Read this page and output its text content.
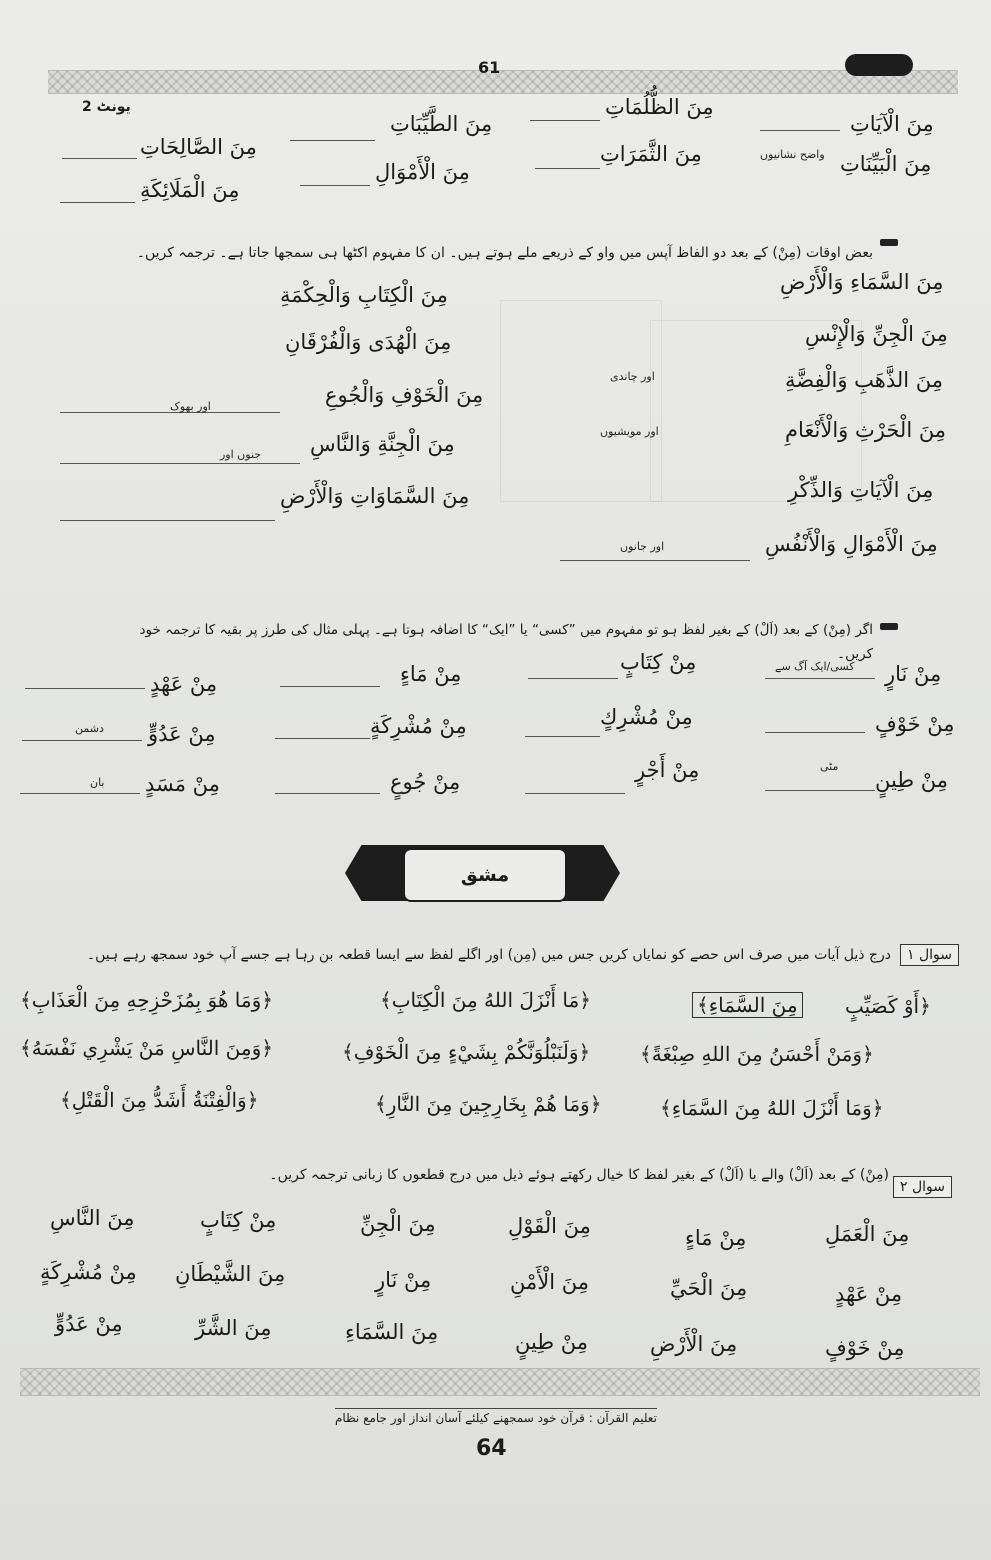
61
یونٹ 2
مِنَ الْآيَاتِ
مِنَ الظُّلُمَاتِ
مِنَ الطَّيِّبَاتِ
مِنَ الصَّالِحَاتِ
مِنَ الْبَيِّنَاتِ
واضح نشانیوں
مِنَ الثَّمَرَاتِ
مِنَ الْأَمْوَالِ
مِنَ الْمَلَائِكَةِ
بعض اوقات (مِنْ) کے بعد دو الفاظ آپس میں واو کے ذریعے ملے ہوتے ہیں۔ ان کا مفہوم اکٹھا ہی سمجھا جاتا ہے۔ ترجمہ کریں۔
مِنَ السَّمَاءِ وَالْأَرْضِ
مِنَ الْجِنِّ وَالْإِنْسِ
مِنَ الذَّهَبِ وَالْفِضَّةِ
اور چاندی
مِنَ الْحَرْثِ وَالْأَنْعَامِ
اور مویشیوں
مِنَ الْآيَاتِ وَالذِّكْرِ
مِنَ الْأَمْوَالِ وَالْأَنْفُسِ
اور جانوں
مِنَ الْكِتَابِ وَالْحِكْمَةِ
مِنَ الْهُدَى وَالْفُرْقَانِ
مِنَ الْخَوْفِ وَالْجُوعِ
اور بھوک
مِنَ الْجِنَّةِ وَالنَّاسِ
جنوں اور
مِنَ السَّمَاوَاتِ وَالْأَرْضِ
اگر (مِنْ) کے بعد (اَلْ) کے بغیر لفظ ہو تو مفہوم میں ”کسی“ یا ”ایک“ کا اضافہ ہوتا ہے۔ پہلی مثال کی طرز پر بقیہ کا ترجمہ خود کریں۔
مِنْ نَارٍ
کسی/ایک آگ سے
مِنْ كِتَابٍ
مِنْ مَاءٍ
مِنْ عَهْدٍ
مِنْ خَوْفٍ
مِنْ مُشْرِكٍ
مِنْ مُشْرِكَةٍ
مِنْ عَدُوٍّ
دشمن
مِنْ طِينٍ
مٹی
مِنْ أَجْرٍ
مِنْ جُوعٍ
مِنْ مَسَدٍ
بان
مشق
سوال ۱
درج ذیل آیات میں صرف اس حصے کو نمایاں کریں جس میں (مِن) اور اگلے لفظ سے ایسا قطعہ بن رہا ہے جسے آپ خود سمجھ رہے ہیں۔
﴿أَوْ كَصَيِّبٍ
مِنَ السَّمَاءِ﴾
﴿مَا أَنْزَلَ اللهُ مِنَ الْكِتَابِ﴾
﴿وَمَا هُوَ بِمُزَحْزِحِهِ مِنَ الْعَذَابِ﴾
﴿وَمَنْ أَحْسَنُ مِنَ اللهِ صِبْغَةً﴾
﴿وَلَنَبْلُوَنَّكُمْ بِشَيْءٍ مِنَ الْخَوْفِ﴾
﴿وَمِنَ النَّاسِ مَنْ يَشْرِي نَفْسَهُ﴾
﴿وَمَا أَنْزَلَ اللهُ مِنَ السَّمَاءِ﴾
﴿وَمَا هُمْ بِخَارِجِينَ مِنَ النَّارِ﴾
﴿وَالْفِتْنَةُ أَشَدُّ مِنَ الْقَتْلِ﴾
سوال ۲
(مِنْ) کے بعد (اَلْ) والے یا (اَلْ) کے بغیر لفظ کا خیال رکھتے ہوئے ذیل میں درج قطعوں کا زبانی ترجمہ کریں۔
مِنَ الْعَمَلِ
مِنْ مَاءٍ
مِنَ الْقَوْلِ
مِنَ الْجِنِّ
مِنْ كِتَابٍ
مِنَ النَّاسِ
مِنْ عَهْدٍ
مِنَ الْحَيِّ
مِنَ الْأَمْنِ
مِنْ نَارٍ
مِنَ الشَّيْطَانِ
مِنْ مُشْرِكَةٍ
مِنْ خَوْفٍ
مِنَ الْأَرْضِ
مِنْ طِينٍ
مِنَ السَّمَاءِ
مِنَ الشَّرِّ
مِنْ عَدُوٍّ
تعلیم القرآن : قرآن خود سمجھنے کیلئے آسان انداز اور جامع نظام
64
